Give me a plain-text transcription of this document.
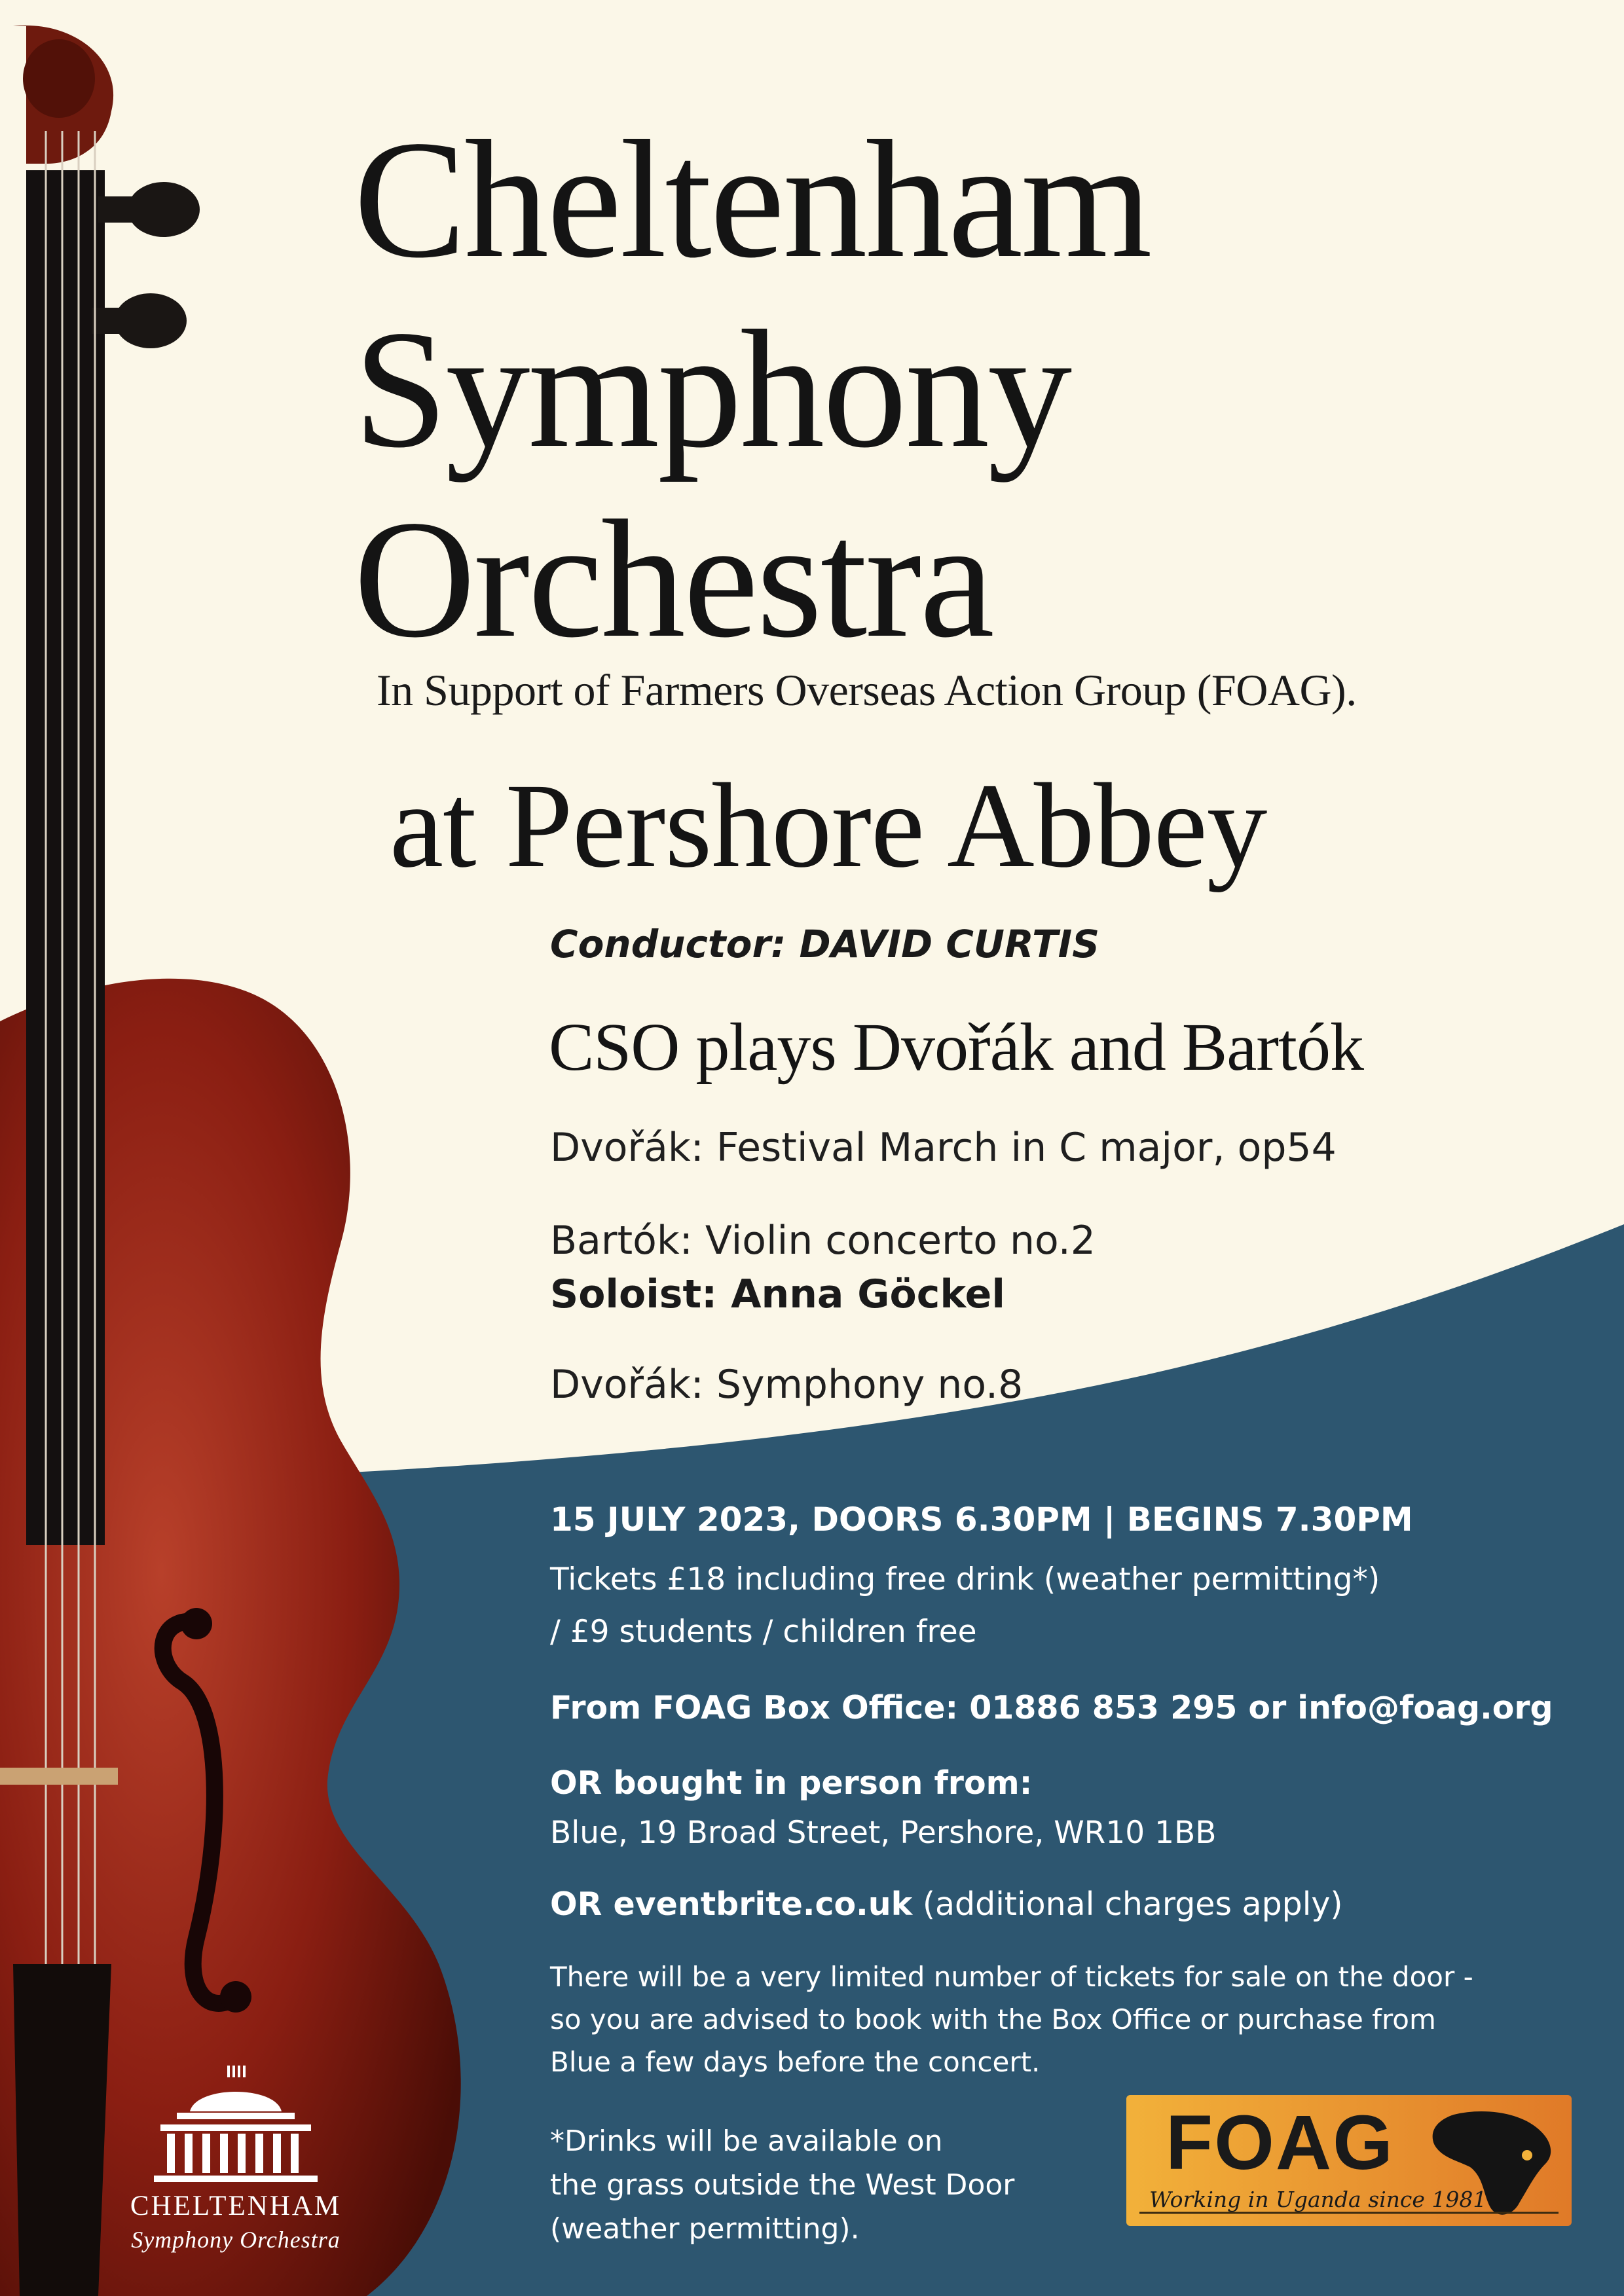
Cheltenham
Symphony
Orchestra
In Support of Farmers Overseas Action Group (FOAG).
at Pershore Abbey
Conductor: DAVID CURTIS
CSO plays Dvořák and Bartók
Dvořák: Festival March in C major, op54
Bartók: Violin concerto no.2
Soloist: Anna Göckel
Dvořák: Symphony no.8
15 JULY 2023, DOORS 6.30PM | BEGINS 7.30PM
Tickets £18 including free drink (weather permitting*)
/ £9 students / children free
From FOAG Box Office: 01886 853 295 or info@foag.org
OR bought in person from:
Blue, 19 Broad Street, Pershore, WR10 1BB
OR eventbrite.co.uk (additional charges apply)
There will be a very limited number of tickets for sale on the door -
so you are advised to book with the Box Office or purchase from
Blue a few days before the concert.
*Drinks will be available on
the grass outside the West Door
(weather permitting).
CHELTENHAM
Symphony Orchestra
FOAG
Working in Uganda since 1981
